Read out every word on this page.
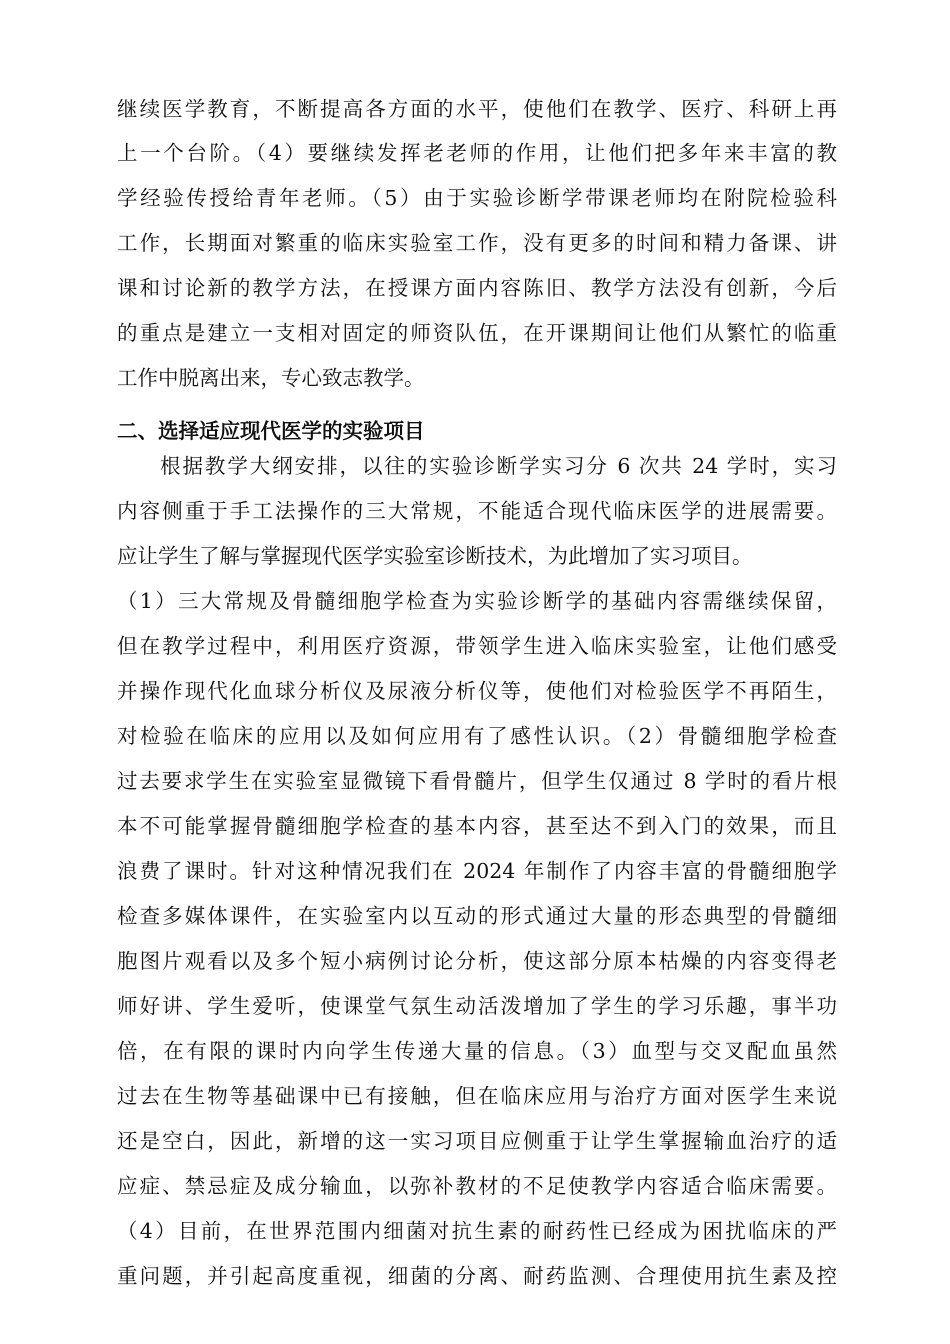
继续医学教育，不断提高各方面的水平，使他们在教学、医疗、科研上再
上一个台阶。（4）要继续发挥老老师的作用，让他们把多年来丰富的教
学经验传授给青年老师。（5）由于实验诊断学带课老师均在附院检验科
工作，长期面对繁重的临床实验室工作，没有更多的时间和精力备课、讲
课和讨论新的教学方法，在授课方面内容陈旧、教学方法没有创新，今后
的重点是建立一支相对固定的师资队伍，在开课期间让他们从繁忙的临重
工作中脱离出来，专心致志教学。
二、选择适应现代医学的实验项目
根据教学大纲安排，以往的实验诊断学实习分 6 次共 24 学时，实习
内容侧重于手工法操作的三大常规，不能适合现代临床医学的进展需要。
应让学生了解与掌握现代医学实验室诊断技术，为此增加了实习项目。
（1）三大常规及骨髓细胞学检查为实验诊断学的基础内容需继续保留，
但在教学过程中，利用医疗资源，带领学生进入临床实验室，让他们感受
并操作现代化血球分析仪及尿液分析仪等，使他们对检验医学不再陌生，
对检验在临床的应用以及如何应用有了感性认识。（2）骨髓细胞学检查
过去要求学生在实验室显微镜下看骨髓片，但学生仅通过 8 学时的看片根
本不可能掌握骨髓细胞学检查的基本内容，甚至达不到入门的效果，而且
浪费了课时。针对这种情况我们在 2024 年制作了内容丰富的骨髓细胞学
检查多媒体课件，在实验室内以互动的形式通过大量的形态典型的骨髓细
胞图片观看以及多个短小病例讨论分析，使这部分原本枯燥的内容变得老
师好讲、学生爱听，使课堂气氛生动活泼增加了学生的学习乐趣，事半功
倍，在有限的课时内向学生传递大量的信息。（3）血型与交叉配血虽然
过去在生物等基础课中已有接触，但在临床应用与治疗方面对医学生来说
还是空白，因此，新增的这一实习项目应侧重于让学生掌握输血治疗的适
应症、禁忌症及成分输血，以弥补教材的不足使教学内容适合临床需要。
（4）目前，在世界范围内细菌对抗生素的耐药性已经成为困扰临床的严
重问题，并引起高度重视，细菌的分离、耐药监测、合理使用抗生素及控
